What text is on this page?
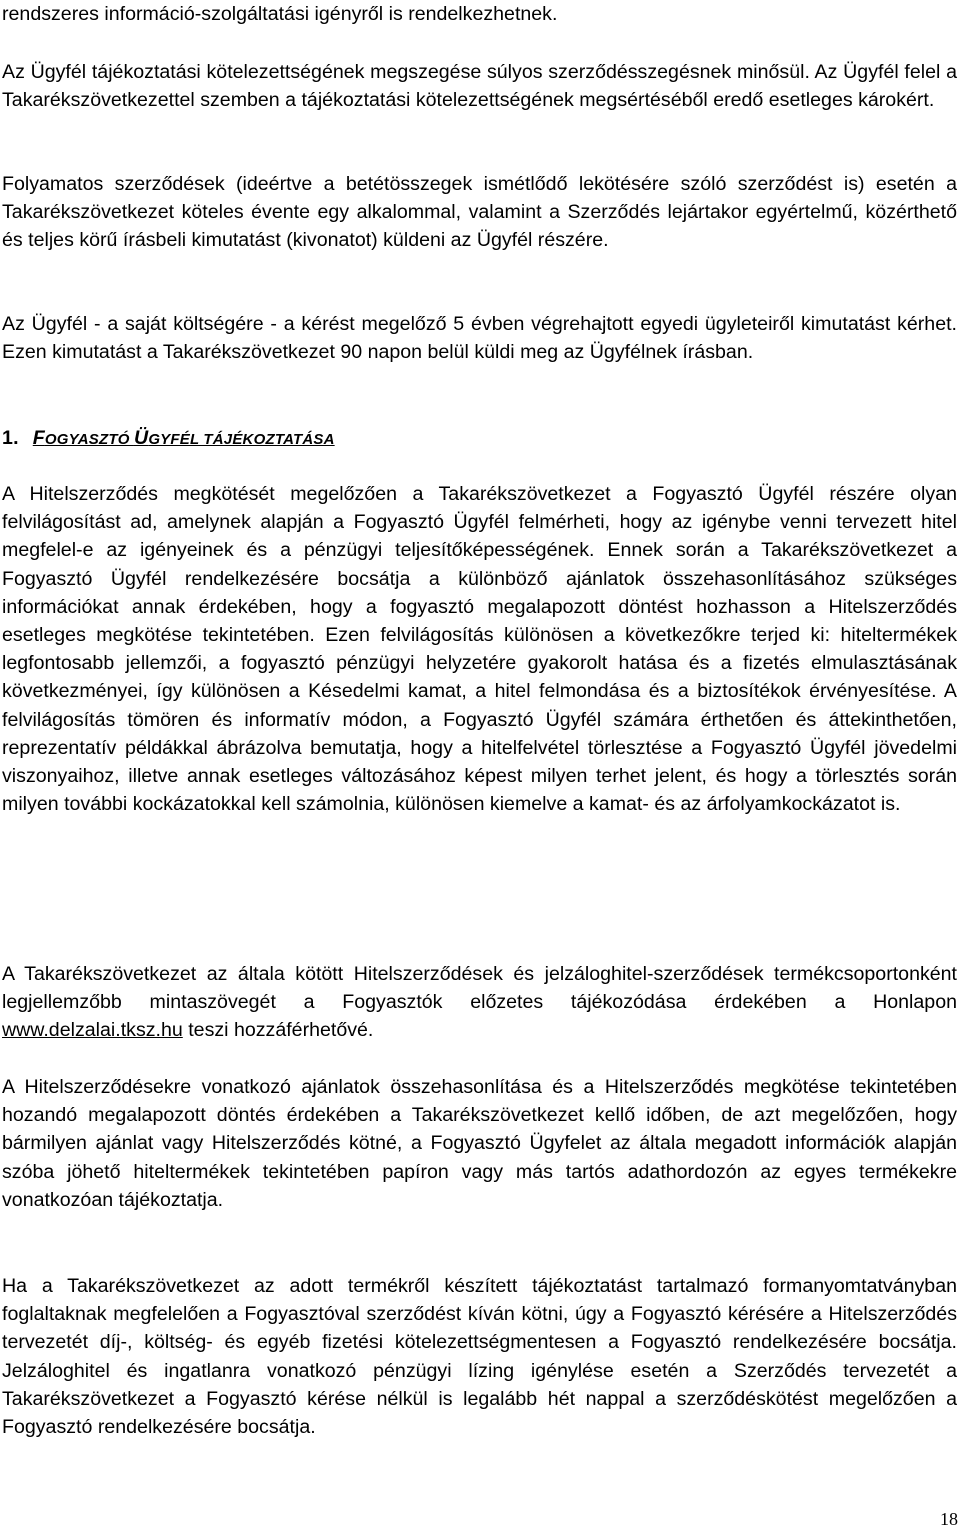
rendszeres információ-szolgáltatási igényről is rendelkezhetnek.

Az Ügyfél tájékoztatási kötelezettségének megszegése súlyos szerződésszegésnek minősül. Az Ügyfél felel a Takarékszövetkezettel szemben a tájékoztatási kötelezettségének megsértéséből eredő esetleges károkért.

Folyamatos szerződések (ideértve a betétösszegek ismétlődő lekötésére szóló szerződést is) esetén a Takarékszövetkezet köteles évente egy alkalommal, valamint a Szerződés lejártakor egyértelmű, közérthető és teljes körű írásbeli kimutatást (kivonatot) küldeni az Ügyfél részére.

Az Ügyfél - a saját költségére - a kérést megelőző 5 évben végrehajtott egyedi ügyleteiről kimutatást kérhet. Ezen kimutatást a Takarékszövetkezet 90 napon belül küldi meg az Ügyfélnek írásban.

1. FOGYASZTÓ ÜGYFÉL TÁJÉKOZTATÁSA

A Hitelszerződés megkötését megelőzően a Takarékszövetkezet a Fogyasztó Ügyfél részére olyan felvilágosítást ad, amelynek alapján a Fogyasztó Ügyfél felmérheti, hogy az igénybe venni tervezett hitel megfelel-e az igényeinek és a pénzügyi teljesítőképességének. Ennek során a Takarékszövetkezet a Fogyasztó Ügyfél rendelkezésére bocsátja a különböző ajánlatok összehasonlításához szükséges információkat annak érdekében, hogy a fogyasztó megalapozott döntést hozhasson a Hitelszerződés esetleges megkötése tekintetében. Ezen felvilágosítás különösen a következőkre terjed ki: hiteltermékek legfontosabb jellemzői, a fogyasztó pénzügyi helyzetére gyakorolt hatása és a fizetés elmulasztásának következményei, így különösen a Késedelmi kamat, a hitel felmondása és a biztosítékok érvényesítése. A felvilágosítás tömören és informatív módon, a Fogyasztó Ügyfél számára érthetően és áttekinthetően, reprezentatív példákkal ábrázolva bemutatja, hogy a hitelfelvétel törlesztése a Fogyasztó Ügyfél jövedelmi viszonyaihoz, illetve annak esetleges változásához képest milyen terhet jelent, és hogy a törlesztés során milyen további kockázatokkal kell számolnia, különösen kiemelve a kamat- és az árfolyamkockázatot is.

A Takarékszövetkezet az általa kötött Hitelszerződések és jelzáloghitel-szerződések termékcsoportonként legjellemzőbb mintaszövegét a Fogyasztók előzetes tájékozódása érdekében a Honlapon www.delzalai.tksz.hu teszi hozzáférhetővé.

A Hitelszerződésekre vonatkozó ajánlatok összehasonlítása és a Hitelszerződés megkötése tekintetében hozandó megalapozott döntés érdekében a Takarékszövetkezet kellő időben, de azt megelőzően, hogy bármilyen ajánlat vagy Hitelszerződés kötné, a Fogyasztó Ügyfelet az általa megadott információk alapján szóba jöhető hiteltermékek tekintetében papíron vagy más tartós adathordozón az egyes termékekre vonatkozóan tájékoztatja.

Ha a Takarékszövetkezet az adott termékről készített tájékoztatást tartalmazó formanyomtatványban foglaltaknak megfelelően a Fogyasztóval szerződést kíván kötni, úgy a Fogyasztó kérésére a Hitelszerződés tervezetét díj-, költség- és egyéb fizetési kötelezettségmentesen a Fogyasztó rendelkezésére bocsátja. Jelzáloghitel és ingatlanra vonatkozó pénzügyi lízing igénylése esetén a Szerződés tervezetét a Takarékszövetkezet a Fogyasztó kérése nélkül is legalább hét nappal a szerződéskötést megelőzően a Fogyasztó rendelkezésére bocsátja.

18
